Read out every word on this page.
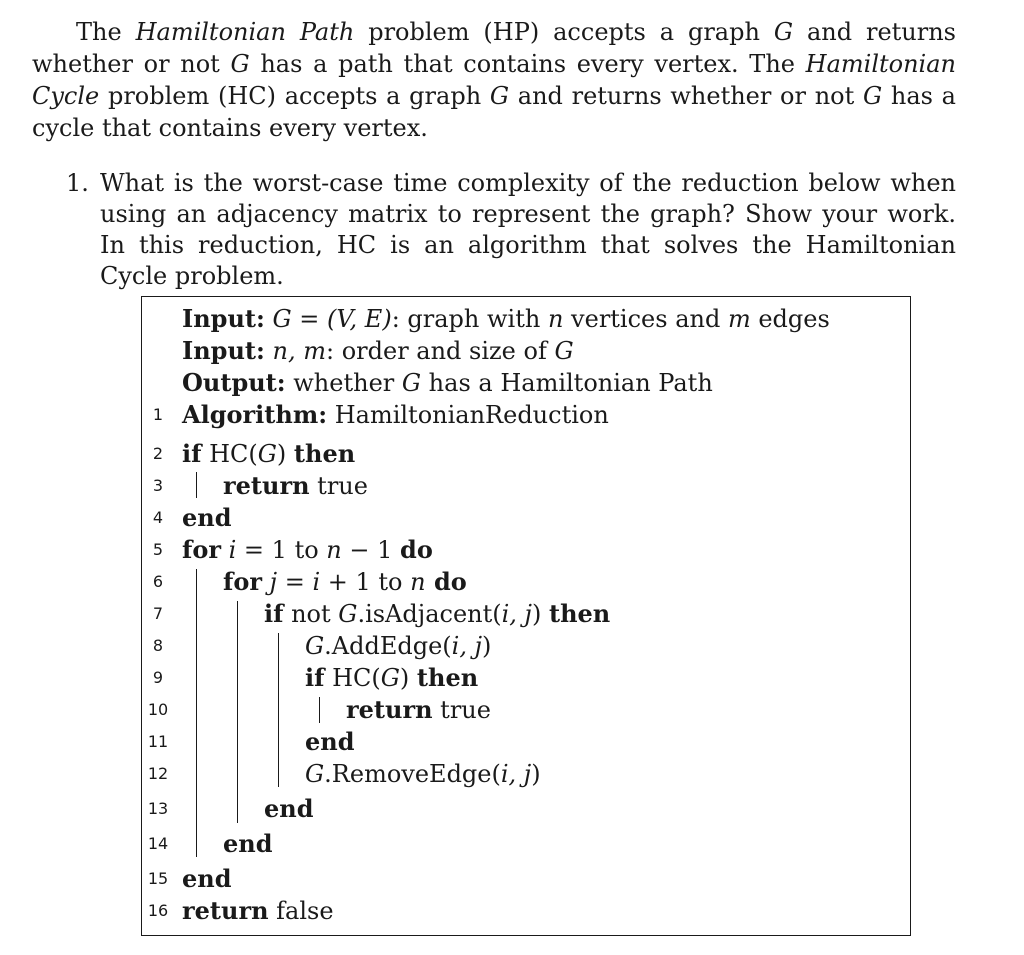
The Hamiltonian Path problem (HP) accepts a graph G and returns whether or not G has a path that contains every vertex. The Hamiltonian Cycle problem (HC) accepts a graph G and returns whether or not G has a cycle that contains every vertex.

1. What is the worst-case time complexity of the reduction below when using an adjacency matrix to represent the graph? Show your work. In this reduction, HC is an algorithm that solves the Hamiltonian Cycle problem.
Input: G = (V, E): graph with n vertices and m edges
Input: n, m: order and size of G
Output: whether G has a Hamiltonian Path
1 Algorithm: HamiltonianReduction
2 if HC(G) then
3	return true
4 end
5 for i = 1 to n − 1 do
6	for j = i + 1 to n do
7	if not G.isAdjacent(i, j) then
8	G.AddEdge(i, j)
9	if HC(G) then
10	return true
11	end
12	G.RemoveEdge(i, j)
13	end
14 end
15 end
16 return false
